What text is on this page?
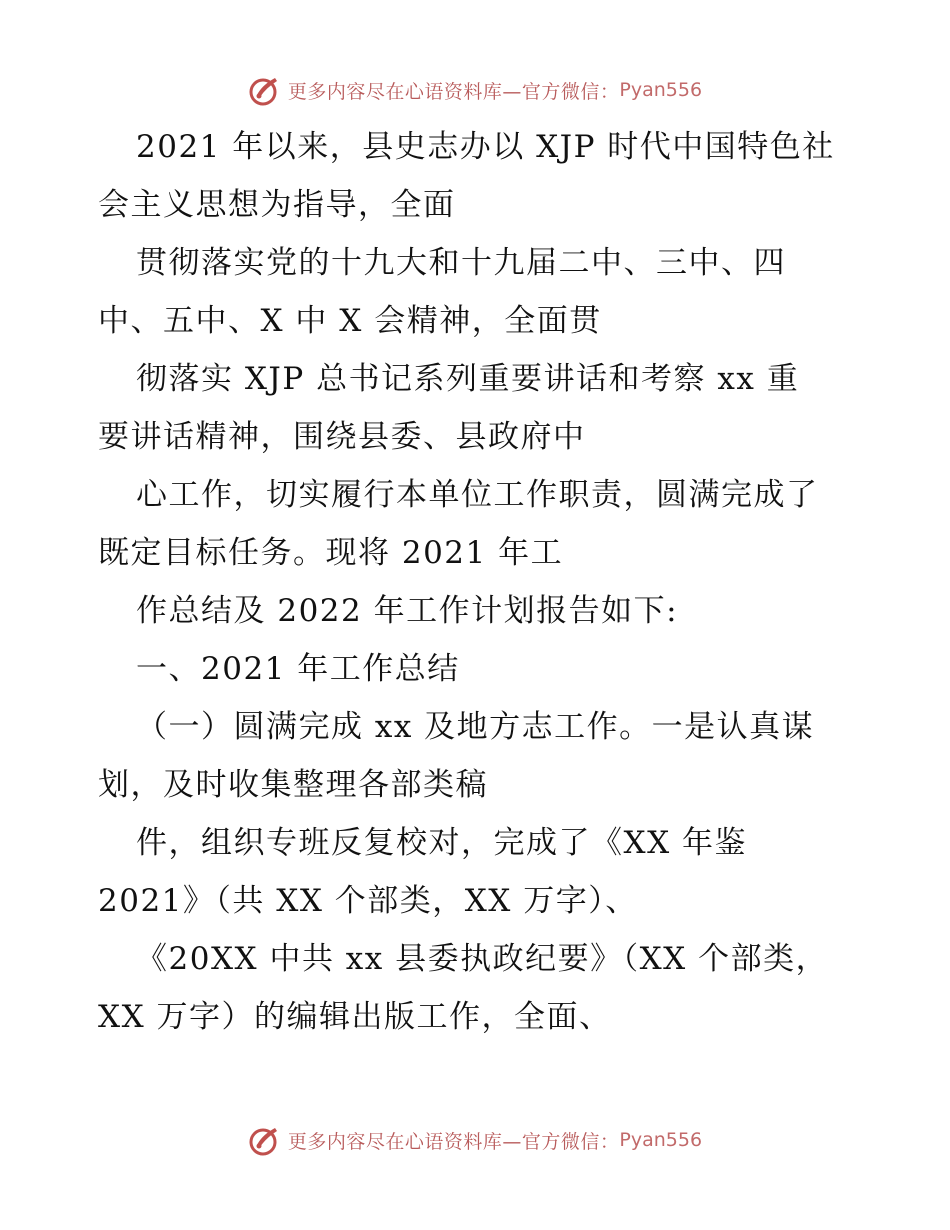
更多内容尽在心语资料库—官方微信： Pyan556
2021 年以来，县史志办以 XJP 时代中国特色社
会主义思想为指导，全面
贯彻落实党的十九大和十九届二中、三中、四
中、五中、X 中 X 会精神，全面贯
彻落实 XJP 总书记系列重要讲话和考察 xx 重
要讲话精神，围绕县委、县政府中
心工作，切实履行本单位工作职责，圆满完成了
既定目标任务。现将 2021 年工
作总结及 2022 年工作计划报告如下:
一、2021 年工作总结
（一）圆满完成 xx 及地方志工作。一是认真谋
划，及时收集整理各部类稿
件，组织专班反复校对，完成了《XX 年鉴
2021》（共 XX 个部类，XX 万字）、
《20XX 中共 xx 县委执政纪要》（XX 个部类，
XX 万字）的编辑出版工作，全面、
更多内容尽在心语资料库—官方微信： Pyan556
